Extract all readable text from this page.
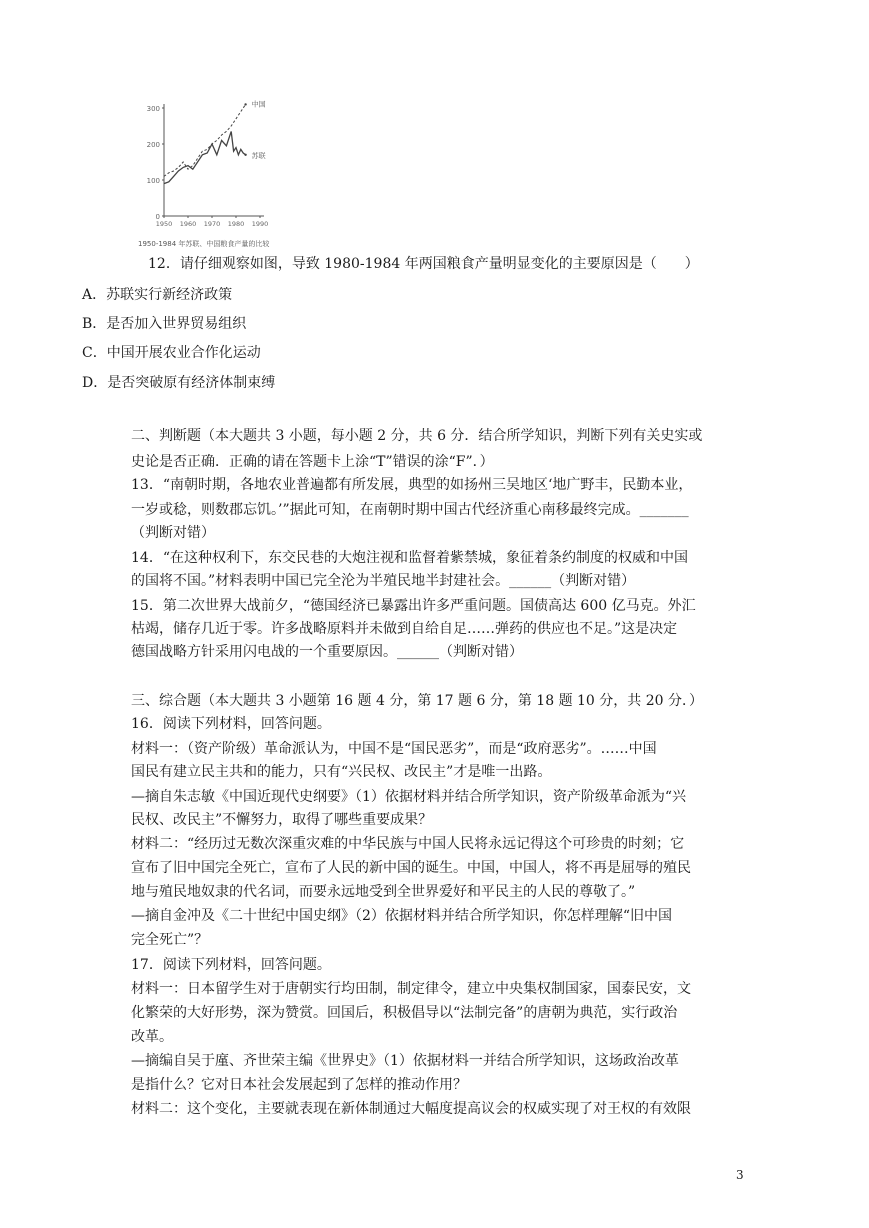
300
200
100
0
1950 1960 1970 1980 1990
中国
苏联
1950-1984 年苏联、中国粮食产量的比较
12．请仔细观察如图，导致 1980-1984 年两国粮食产量明显变化的主要原因是（　　）
A．苏联实行新经济政策
B．是否加入世界贸易组织
C．中国开展农业合作化运动
D．是否突破原有经济体制束缚
二、判断题（本大题共 3 小题，每小题 2 分，共 6 分．结合所学知识，判断下列有关史实或
史论是否正确．正确的请在答题卡上涂“T”错误的涂“F”．）
13．“南朝时期，各地农业普遍都有所发展，典型的如扬州三吴地区‘地广野丰，民勤本业，
一岁或稔，则数郡忘饥。’”据此可知，在南朝时期中国古代经济重心南移最终完成。_______
（判断对错）
14．“在这种权利下，东交民巷的大炮注视和监督着紫禁城，象征着条约制度的权威和中国
的国将不国。”材料表明中国已完全沦为半殖民地半封建社会。______（判断对错）
15．第二次世界大战前夕，“德国经济已暴露出许多严重问题。国债高达 600 亿马克。外汇
枯竭，储存几近于零。许多战略原料并未做到自给自足……弹药的供应也不足。”这是决定
德国战略方针采用闪电战的一个重要原因。______（判断对错）
三、综合题（本大题共 3 小题第 16 题 4 分，第 17 题 6 分，第 18 题 10 分，共 20 分．）
16．阅读下列材料，回答问题。
材料一：（资产阶级）革命派认为，中国不是“国民恶劣”，而是“政府恶劣”。……中国
国民有建立民主共和的能力，只有“兴民权、改民主”才是唯一出路。
—摘自朱志敏《中国近现代史纲要》（1）依据材料并结合所学知识，资产阶级革命派为“兴
民权、改民主”不懈努力，取得了哪些重要成果？
材料二：“经历过无数次深重灾难的中华民族与中国人民将永远记得这个可珍贵的时刻；它
宣布了旧中国完全死亡，宣布了人民的新中国的诞生。中国，中国人，将不再是屈辱的殖民
地与殖民地奴隶的代名词，而要永远地受到全世界爱好和平民主的人民的尊敬了。”
—摘自金冲及《二十世纪中国史纲》（2）依据材料并结合所学知识，你怎样理解“旧中国
完全死亡”？
17．阅读下列材料，回答问题。
材料一：日本留学生对于唐朝实行均田制，制定律令，建立中央集权制国家，国泰民安，文
化繁荣的大好形势，深为赞赏。回国后，积极倡导以“法制完备”的唐朝为典范，实行政治
改革。
—摘编自吴于廑、齐世荣主编《世界史》（1）依据材料一并结合所学知识，这场政治改革
是指什么？它对日本社会发展起到了怎样的推动作用？
材料二：这个变化，主要就表现在新体制通过大幅度提高议会的权威实现了对王权的有效限
3
